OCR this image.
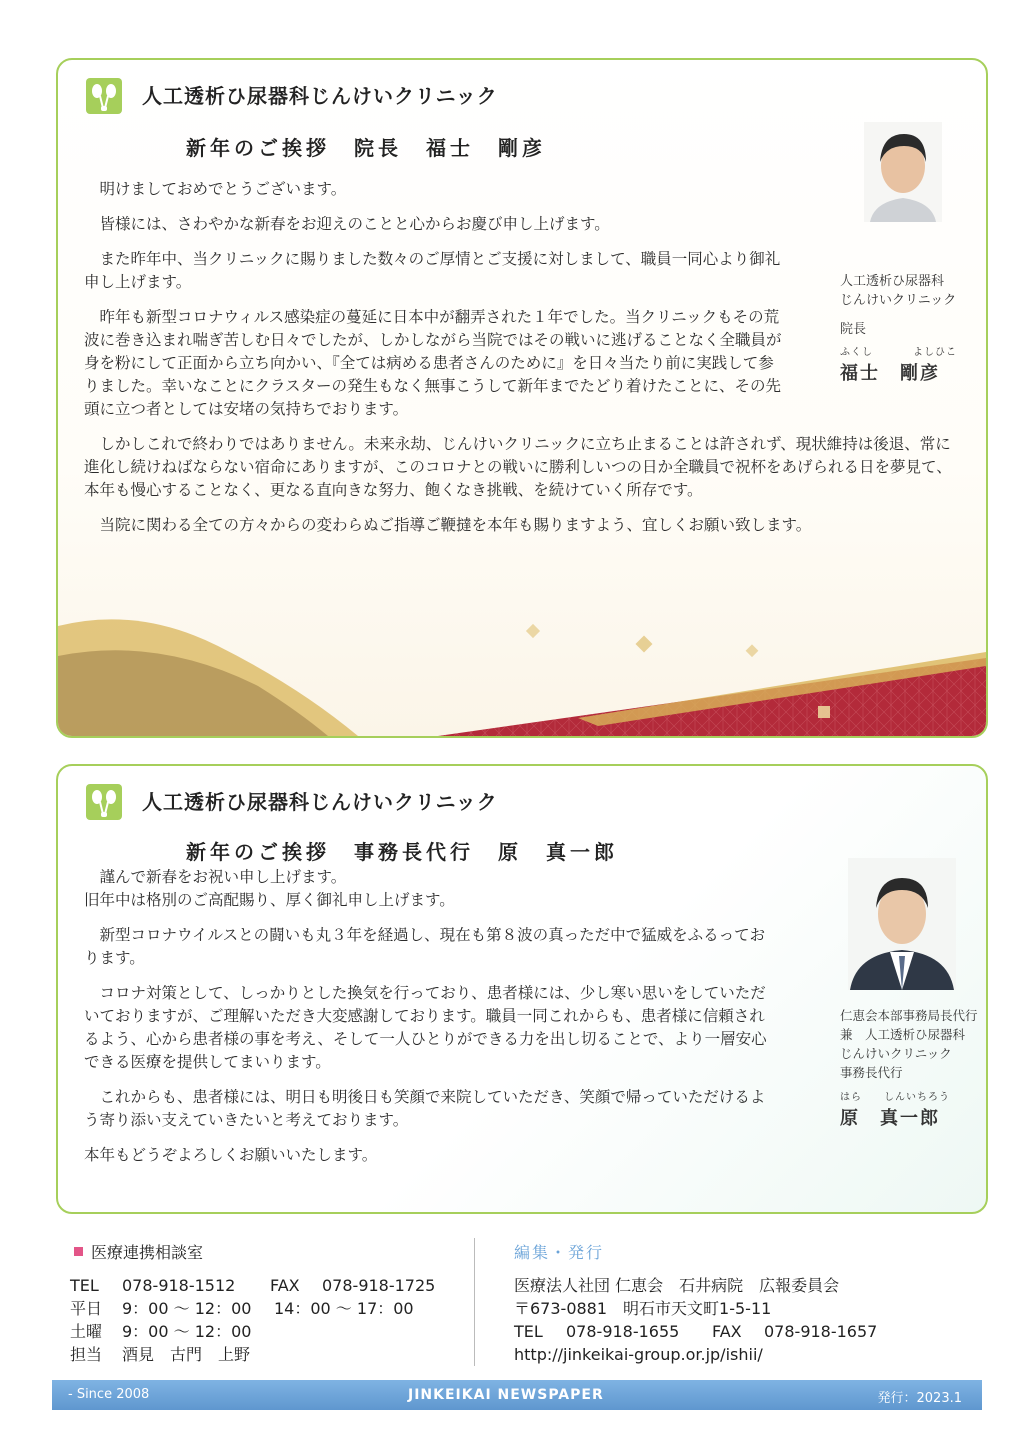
人工透析ひ尿器科じんけいクリニック
新年のご挨拶　院長　福士　剛彦

明けましておめでとうございます。

皆様には、さわやかな新春をお迎えのことと心からお慶び申し上げます。

また昨年中、当クリニックに賜りました数々のご厚情とご支援に対しまして、職員一同心より御礼申し上げます。

昨年も新型コロナウィルス感染症の蔓延に日本中が翻弄された１年でした。当クリニックもその荒波に巻き込まれ喘ぎ苦しむ日々でしたが、しかしながら当院ではその戦いに逃げることなく全職員が身を粉にして正面から立ち向かい、『全ては病める患者さんのために』を日々当たり前に実践して参りました。幸いなことにクラスターの発生もなく無事こうして新年までたどり着けたことに、その先頭に立つ者としては安堵の気持ちでおります。

しかしこれで終わりではありません。未来永劫、じんけいクリニックに立ち止まることは許されず、現状維持は後退、常に進化し続けねばならない宿命にありますが、このコロナとの戦いに勝利しいつの日か全職員で祝杯をあげられる日を夢見て、本年も慢心することなく、更なる直向きな努力、飽くなき挑戦、を続けていく所存です。

当院に関わる全ての方々からの変わらぬご指導ご鞭撻を本年も賜りますよう、宜しくお願い致します。

人工透析ひ尿器科
じんけいクリニック
院長
ふくし	よしひこ
福士　剛彦
人工透析ひ尿器科じんけいクリニック
新年のご挨拶　事務長代行　原　真一郎

謹んで新春をお祝い申し上げます。

旧年中は格別のご高配賜り、厚く御礼申し上げます。

新型コロナウイルスとの闘いも丸３年を経過し、現在も第８波の真っただ中で猛威をふるっております。

コロナ対策として、しっかりとした換気を行っており、患者様には、少し寒い思いをしていただいておりますが、ご理解いただき大変感謝しております。職員一同これからも、患者様に信頼されるよう、心から患者様の事を考え、そして一人ひとりができる力を出し切ることで、より一層安心できる医療を提供してまいります。

これからも、患者様には、明日も明後日も笑顔で来院していただき、笑顔で帰っていただけるよう寄り添い支えていきたいと考えております。

本年もどうぞよろしくお願いいたします。

仁恵会本部事務局長代行
兼　人工透析ひ尿器科
じんけいクリニック
事務長代行
はら しんいちろう
原　真一郎
医療連携相談室
TEL	078-918-1512	FAX	078-918-1725
平日	9：00 ～ 12：00	14：00 ～ 17：00
土曜	9：00 ～ 12：00
担当	酒見　古門　上野
編集・発行
医療法人社団 仁恵会　石井病院　広報委員会
〒673-0881　明石市天文町1-5-11
TEL	078-918-1655	FAX	078-918-1657
http://jinkeikai-group.or.jp/ishii/
- Since 2008	JINKEIKAI NEWSPAPER	発行：2023.1
